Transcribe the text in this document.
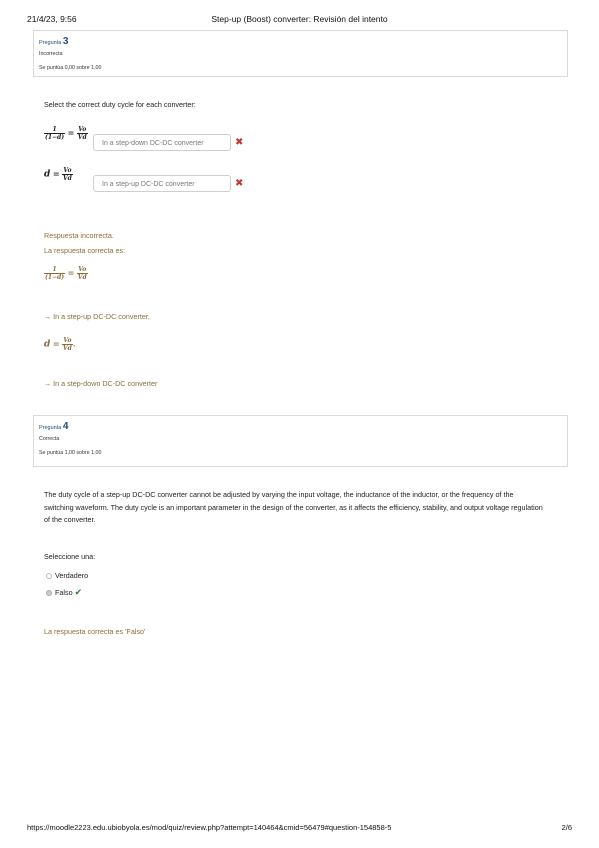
21/4/23, 9:56	Step-up (Boost) converter: Revisión del intento
Pregunta 3
Incorrecta
Se puntúa 0,00 sobre 1,00
Select the correct duty cycle for each converter:
$\frac{1}{(1-d)} = \frac{Vo}{Vd}$
In a step-down DC-DC converter	✖
$d = \frac{Vo}{Vd}$
In a step-up DC-DC converter	✖
Respuesta incorrecta.
La respuesta correcta es:
$\frac{1}{(1-d)} = \frac{Vo}{Vd}$
→ In a step-up DC-DC converter,
$d = \frac{Vo}{Vd}$ .
→ In a step-down DC-DC converter
Pregunta 4
Correcta
Se puntúa 1,00 sobre 1,00
The duty cycle of a step-up DC-DC converter cannot be adjusted by varying the input voltage, the inductance of the inductor, or the frequency of the switching waveform. The duty cycle is an important parameter in the design of the converter, as it affects the efficiency, stability, and output voltage regulation of the converter.
Seleccione una:
Verdadero
Falso ✔
La respuesta correcta es 'Falso'
https://moodle2223.edu.ubiobyola.es/mod/quiz/review.php?attempt=140464&cmid=56479#question-154858-5	2/6
